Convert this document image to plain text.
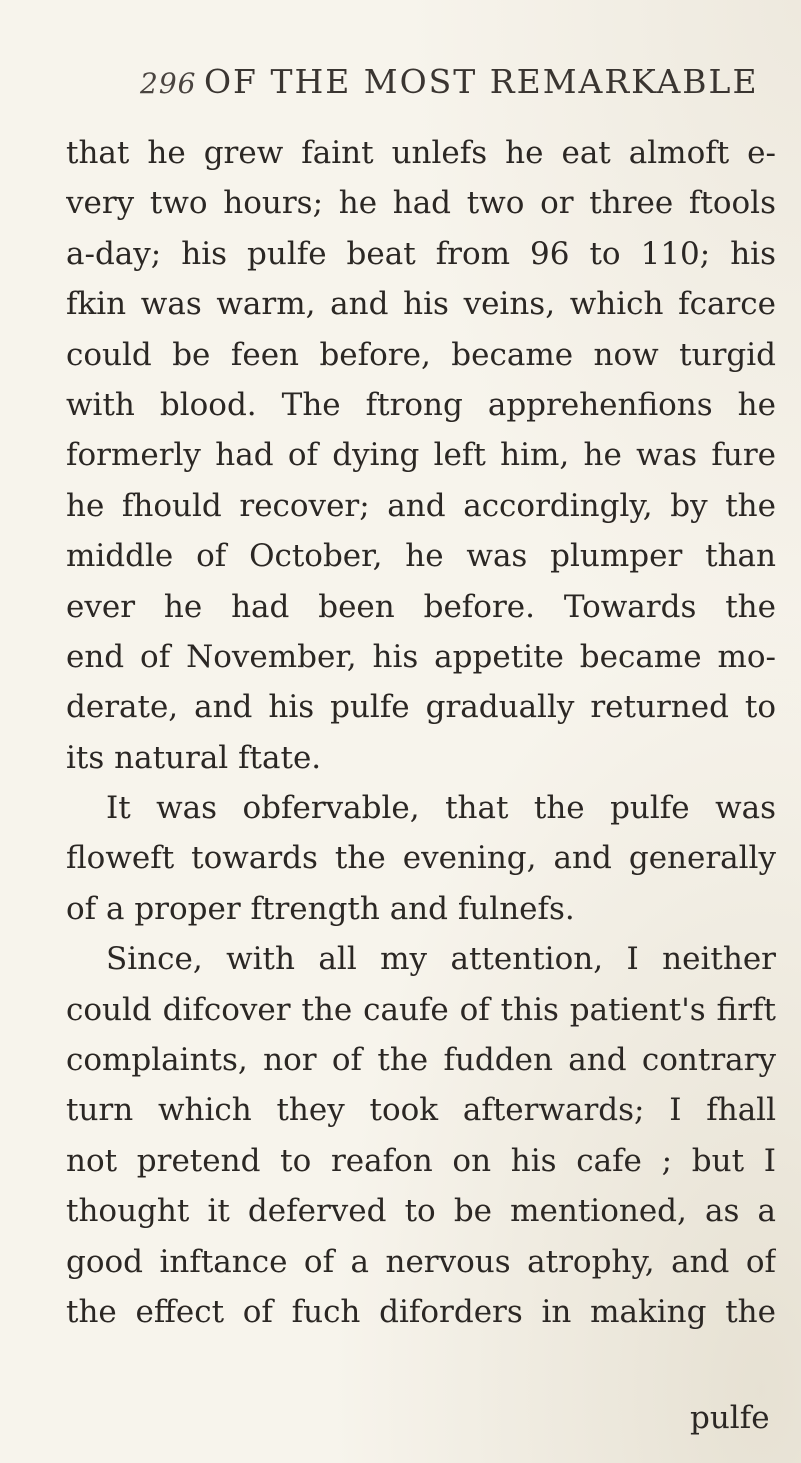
296 OF THE MOST REMARKABLE
that he grew faint unlefs he eat almoft e-
very two hours; he had two or three ftools
a-day; his pulfe beat from 96 to 110; his
fkin was warm, and his veins, which fcarce
could be feen before, became now turgid
with blood. The ftrong apprehenfions he
formerly had of dying left him, he was fure
he fhould recover; and accordingly, by the
middle of October, he was plumper than
ever he had been before. Towards the
end of November, his appetite became mo-
derate, and his pulfe gradually returned to
its natural ftate.
It was obfervable, that the pulfe was
floweft towards the evening, and generally
of a proper ftrength and fulnefs.
Since, with all my attention, I neither
could difcover the caufe of this patient's firft
complaints, nor of the fudden and contrary
turn which they took afterwards; I fhall
not pretend to reafon on his cafe ; but I
thought it deferved to be mentioned, as a
good inftance of a nervous atrophy, and of
the effect of fuch diforders in making the
pulfe
